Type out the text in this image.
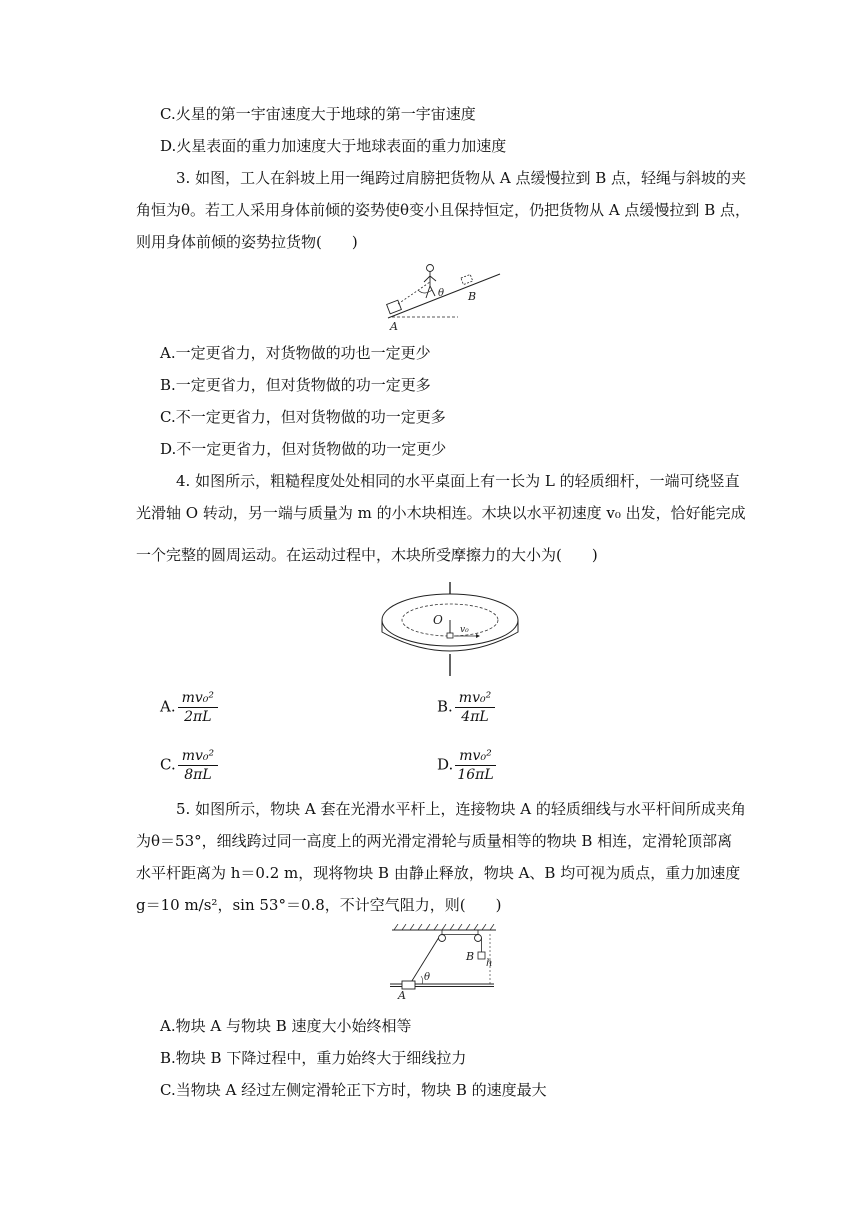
C.火星的第一宇宙速度大于地球的第一宇宙速度
D.火星表面的重力加速度大于地球表面的重力加速度
3. 如图，工人在斜坡上用一绳跨过肩膀把货物从 A 点缓慢拉到 B 点，轻绳与斜坡的夹
角恒为θ。若工人采用身体前倾的姿势使θ变小且保持恒定，仍把货物从 A 点缓慢拉到 B 点，
则用身体前倾的姿势拉货物(　　)
θ B
A
A.一定更省力，对货物做的功也一定更少
B.一定更省力，但对货物做的功一定更多
C.不一定更省力，但对货物做的功一定更多
D.不一定更省力，但对货物做的功一定更少
4. 如图所示，粗糙程度处处相同的水平桌面上有一长为 L 的轻质细杆，一端可绕竖直
光滑轴 O 转动，另一端与质量为 m 的小木块相连。木块以水平初速度 v₀ 出发，恰好能完成
一个完整的圆周运动。在运动过程中，木块所受摩擦力的大小为(　　)
O
v₀
A. $\frac{\text{mv₀²}}{2\pi L}$	B. $\frac{\text{mv₀²}}{4\pi L}$
C. $\frac{\text{mv₀²}}{8\pi L}$	D. $\frac{\text{mv₀²}}{16\pi L}$
5. 如图所示，物块 A 套在光滑水平杆上，连接物块 A 的轻质细线与水平杆间所成夹角
为θ＝53°，细线跨过同一高度上的两光滑定滑轮与质量相等的物块 B 相连，定滑轮顶部离
水平杆距离为 h＝0.2 m，现将物块 B 由静止释放，物块 A、B 均可视为质点，重力加速度
g＝10 m/s²，sin 53°＝0.8，不计空气阻力，则(　　)
θ
B
h
A
A.物块 A 与物块 B 速度大小始终相等
B.物块 B 下降过程中，重力始终大于细线拉力
C.当物块 A 经过左侧定滑轮正下方时，物块 B 的速度最大
